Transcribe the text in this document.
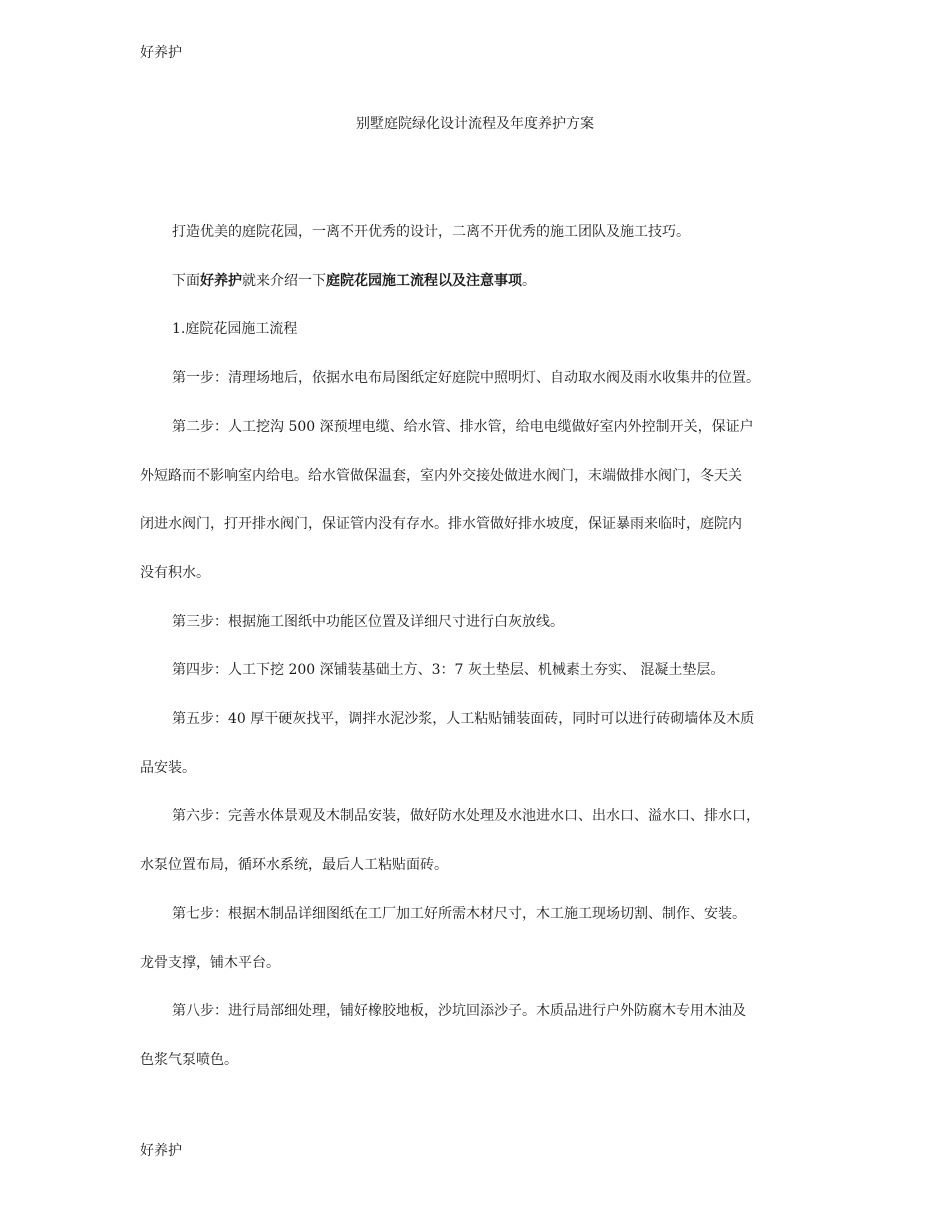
好养护
别墅庭院绿化设计流程及年度养护方案

打造优美的庭院花园，一离不开优秀的设计，二离不开优秀的施工团队及施工技巧。

下面好养护就来介绍一下庭院花园施工流程以及注意事项。

1.庭院花园施工流程

第一步：清理场地后，依据水电布局图纸定好庭院中照明灯、自动取水阀及雨水收集井的位置。

第二步：人工挖沟 500 深预埋电缆、给水管、排水管，给电电缆做好室内外控制开关，保证户

外短路而不影响室内给电。给水管做保温套，室内外交接处做进水阀门，末端做排水阀门，冬天关

闭进水阀门，打开排水阀门，保证管内没有存水。排水管做好排水坡度，保证暴雨来临时，庭院内

没有积水。

第三步：根据施工图纸中功能区位置及详细尺寸进行白灰放线。

第四步：人工下挖 200 深铺装基础土方、3：7 灰土垫层、机械素土夯实、 混凝土垫层。

第五步：40 厚干硬灰找平，调拌水泥沙浆，人工粘贴铺装面砖，同时可以进行砖砌墙体及木质

品安装。

第六步：完善水体景观及木制品安装，做好防水处理及水池进水口、出水口、溢水口、排水口，

水泵位置布局，循环水系统，最后人工粘贴面砖。

第七步：根据木制品详细图纸在工厂加工好所需木材尺寸，木工施工现场切割、制作、安装。

龙骨支撑，铺木平台。

第八步：进行局部细处理，铺好橡胶地板，沙坑回添沙子。木质品进行户外防腐木专用木油及

色浆气泵喷色。

好养护
